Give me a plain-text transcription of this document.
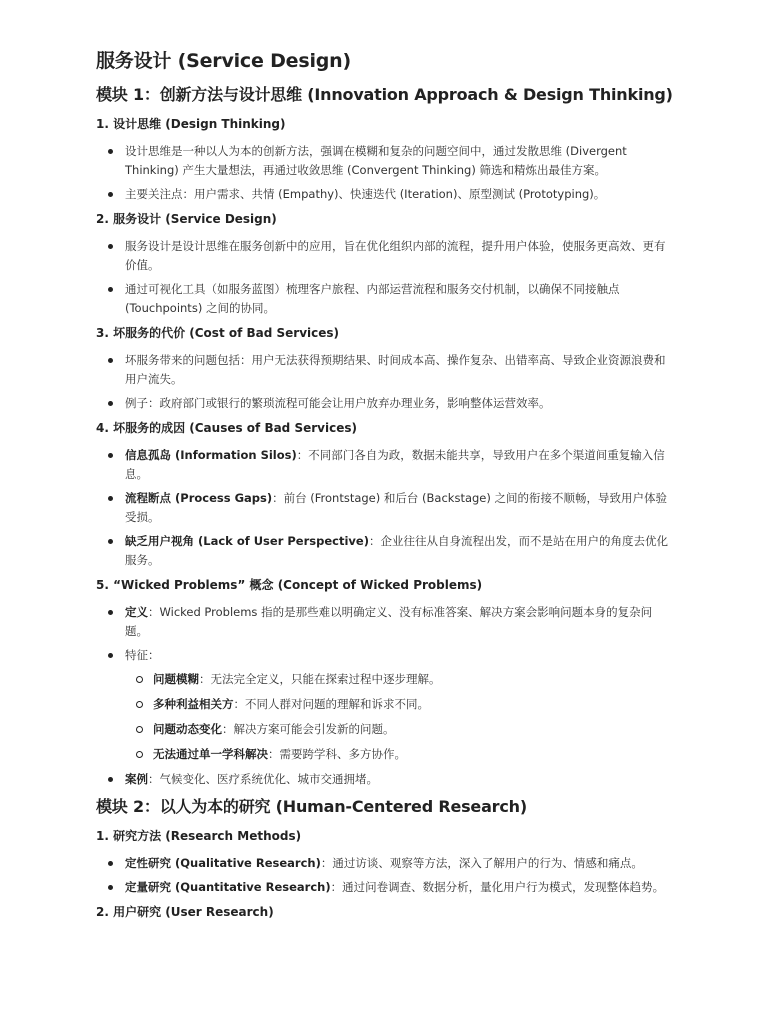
服务设计 (Service Design)
模块 1：创新方法与设计思维 (Innovation Approach & Design Thinking)
1. 设计思维 (Design Thinking)
设计思维是一种以人为本的创新方法，强调在模糊和复杂的问题空间中，通过发散思维 (Divergent Thinking) 产生大量想法，再通过收敛思维 (Convergent Thinking) 筛选和精炼出最佳方案。
主要关注点：用户需求、共情 (Empathy)、快速迭代 (Iteration)、原型测试 (Prototyping)。
2. 服务设计 (Service Design)
服务设计是设计思维在服务创新中的应用，旨在优化组织内部的流程，提升用户体验，使服务更高效、更有价值。
通过可视化工具（如服务蓝图）梳理客户旅程、内部运营流程和服务交付机制，以确保不同接触点 (Touchpoints) 之间的协同。
3. 坏服务的代价 (Cost of Bad Services)
坏服务带来的问题包括：用户无法获得预期结果、时间成本高、操作复杂、出错率高、导致企业资源浪费和用户流失。
例子：政府部门或银行的繁琐流程可能会让用户放弃办理业务，影响整体运营效率。
4. 坏服务的成因 (Causes of Bad Services)
信息孤岛 (Information Silos)：不同部门各自为政，数据未能共享，导致用户在多个渠道间重复输入信息。
流程断点 (Process Gaps)：前台 (Frontstage) 和后台 (Backstage) 之间的衔接不顺畅，导致用户体验受损。
缺乏用户视角 (Lack of User Perspective)：企业往往从自身流程出发，而不是站在用户的角度去优化服务。
5. “Wicked Problems” 概念 (Concept of Wicked Problems)
定义：Wicked Problems 指的是那些难以明确定义、没有标准答案、解决方案会影响问题本身的复杂问题。
特征：
问题模糊：无法完全定义，只能在探索过程中逐步理解。
多种利益相关方：不同人群对问题的理解和诉求不同。
问题动态变化：解决方案可能会引发新的问题。
无法通过单一学科解决：需要跨学科、多方协作。
案例：气候变化、医疗系统优化、城市交通拥堵。
模块 2：以人为本的研究 (Human-Centered Research)
1. 研究方法 (Research Methods)
定性研究 (Qualitative Research)：通过访谈、观察等方法，深入了解用户的行为、情感和痛点。
定量研究 (Quantitative Research)：通过问卷调查、数据分析，量化用户行为模式，发现整体趋势。
2. 用户研究 (User Research)
